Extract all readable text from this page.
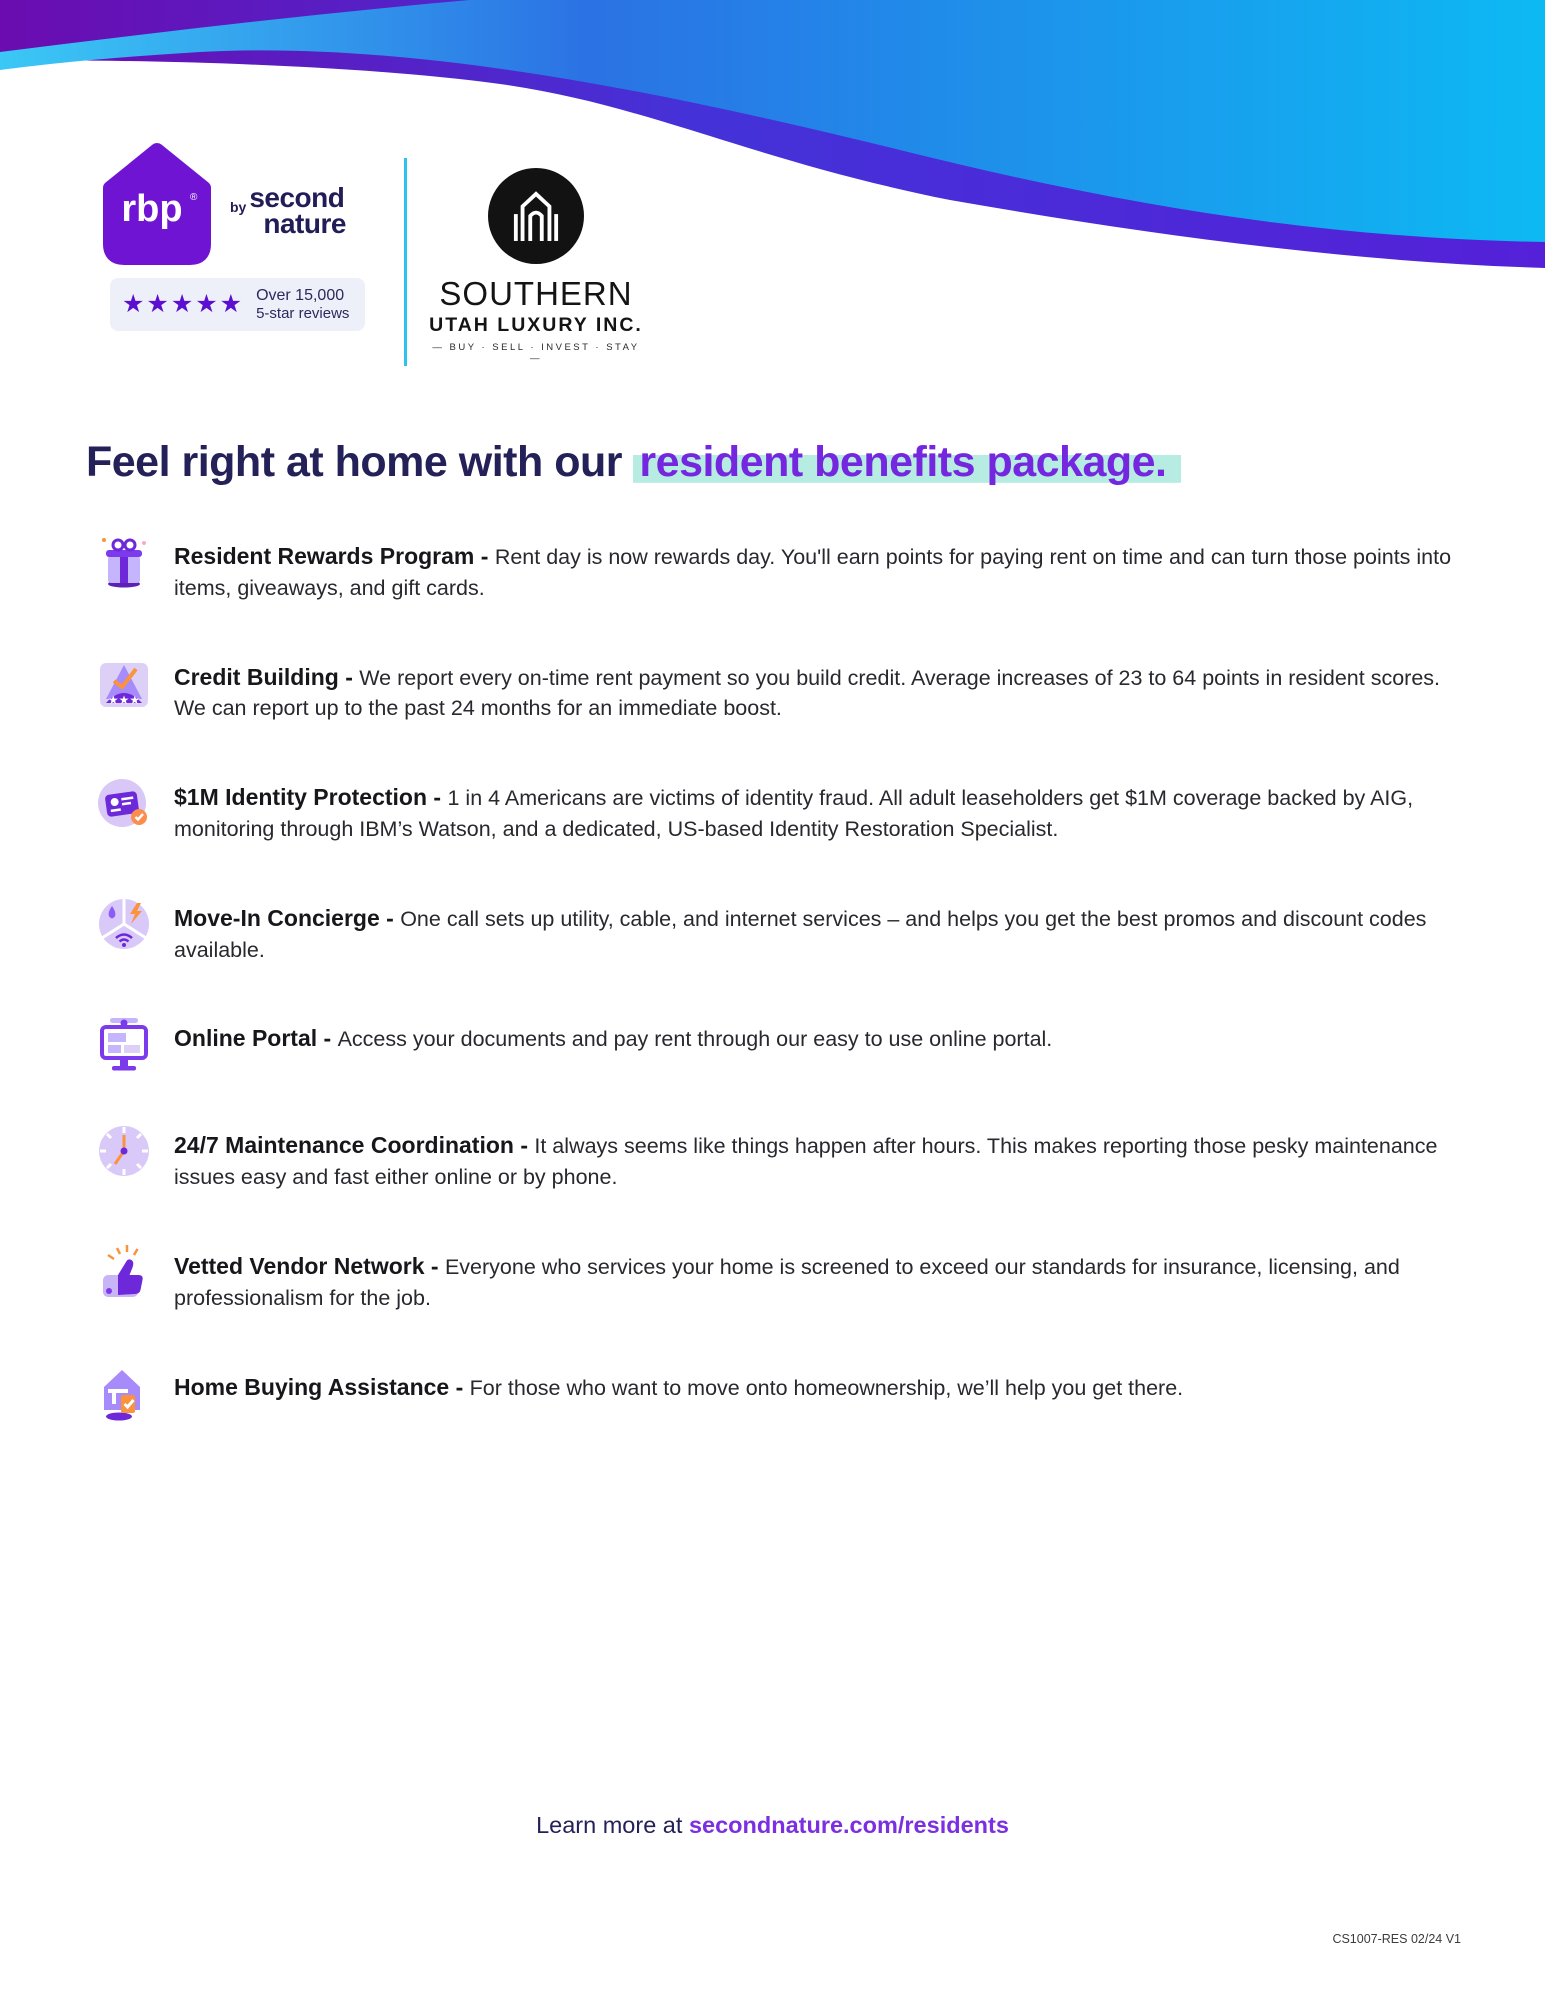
rbp ®
by second
nature
★★★★★ Over 15,000
5-star reviews
SOUTHERN
UTAH LUXURY INC.
— BUY · SELL · INVEST · STAY —
Feel right at home with our resident benefits package.

Resident Rewards Program - Rent day is now rewards day. You'll earn points for paying rent on time and can turn those points into items, giveaways, and gift cards.

★★★

Credit Building - We report every on-time rent payment so you build credit. Average increases of 23 to 64 points in resident scores. We can report up to the past 24 months for an immediate boost.

$1M Identity Protection - 1 in 4 Americans are victims of identity fraud. All adult leaseholders get $1M coverage backed by AIG, monitoring through IBM’s Watson, and a dedicated, US-based Identity Restoration Specialist.

Move-In Concierge - One call sets up utility, cable, and internet services – and helps you get the best promos and discount codes available.

Online Portal - Access your documents and pay rent through our easy to use online portal.

24/7 Maintenance Coordination - It always seems like things happen after hours. This makes reporting those pesky maintenance issues easy and fast either online or by phone.

Vetted Vendor Network - Everyone who services your home is screened to exceed our standards for insurance, licensing, and professionalism for the job.

Home Buying Assistance - For those who want to move onto homeownership, we’ll help you get there.

Learn more at secondnature.com/residents
CS1007-RES 02/24 V1
